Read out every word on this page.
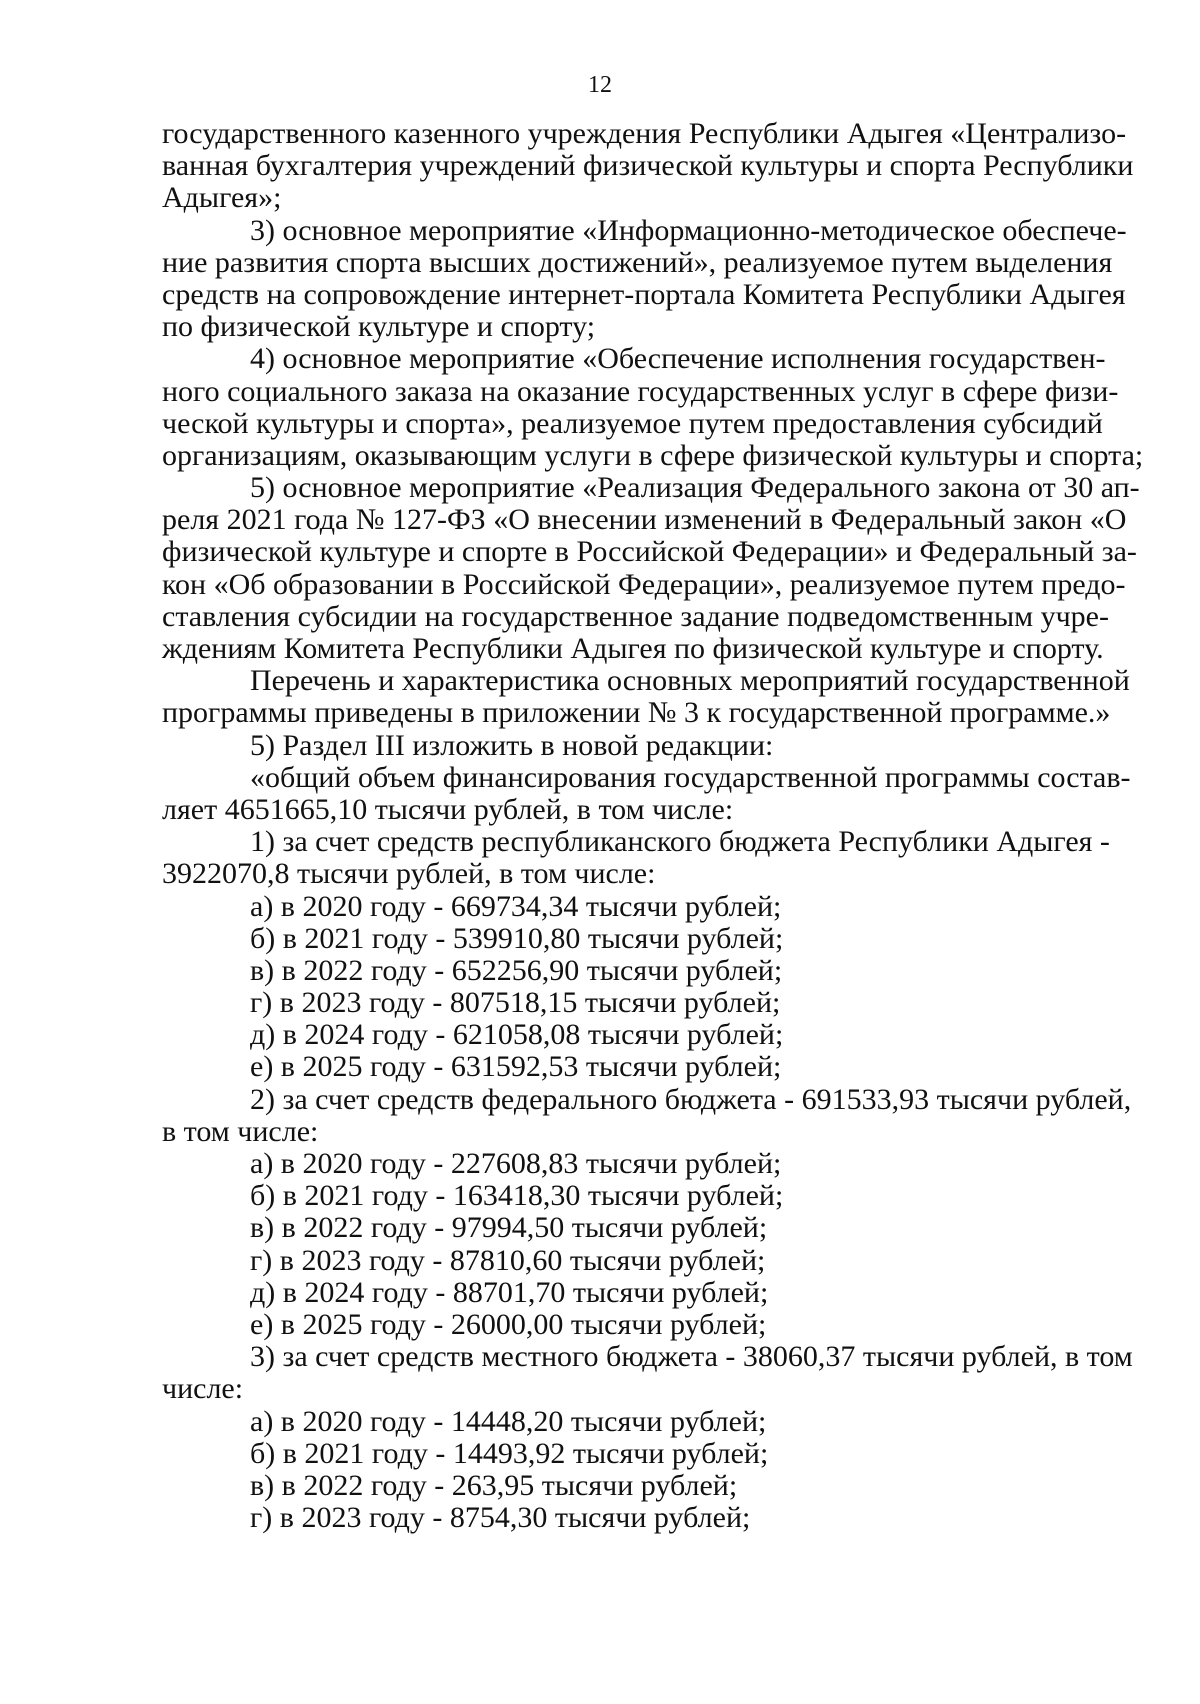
12
государственного казенного учреждения Республики Адыгея «Централизо-
ванная бухгалтерия учреждений физической культуры и спорта Республики
Адыгея»;
3) основное мероприятие «Информационно-методическое обеспече-
ние развития спорта высших достижений», реализуемое путем выделения
средств на сопровождение интернет-портала Комитета Республики Адыгея
по физической культуре и спорту;
4) основное мероприятие «Обеспечение исполнения государствен-
ного социального заказа на оказание государственных услуг в сфере физи-
ческой культуры и спорта», реализуемое путем предоставления субсидий
организациям, оказывающим услуги в сфере физической культуры и спорта;
5) основное мероприятие «Реализация Федерального закона от 30 ап-
реля 2021 года № 127-ФЗ «О внесении изменений в Федеральный закон «О
физической культуре и спорте в Российской Федерации» и Федеральный за-
кон «Об образовании в Российской Федерации», реализуемое путем предо-
ставления субсидии на государственное задание подведомственным учре-
ждениям Комитета Республики Адыгея по физической культуре и спорту.
Перечень и характеристика основных мероприятий государственной
программы приведены в приложении № 3 к государственной программе.»
5) Раздел III изложить в новой редакции:
«общий объем финансирования государственной программы состав-
ляет 4651665,10 тысячи рублей, в том числе:
1) за счет средств республиканского бюджета Республики Адыгея -
3922070,8 тысячи рублей, в том числе:
а) в 2020 году - 669734,34 тысячи рублей;
б) в 2021 году - 539910,80 тысячи рублей;
в) в 2022 году - 652256,90 тысячи рублей;
г) в 2023 году - 807518,15 тысячи рублей;
д) в 2024 году - 621058,08 тысячи рублей;
е) в 2025 году - 631592,53 тысячи рублей;
2) за счет средств федерального бюджета - 691533,93 тысячи рублей,
в том числе:
а) в 2020 году - 227608,83 тысячи рублей;
б) в 2021 году - 163418,30 тысячи рублей;
в) в 2022 году - 97994,50 тысячи рублей;
г) в 2023 году - 87810,60 тысячи рублей;
д) в 2024 году - 88701,70 тысячи рублей;
е) в 2025 году - 26000,00 тысячи рублей;
3) за счет средств местного бюджета - 38060,37 тысячи рублей, в том
числе:
а) в 2020 году - 14448,20 тысячи рублей;
б) в 2021 году - 14493,92 тысячи рублей;
в) в 2022 году - 263,95 тысячи рублей;
г) в 2023 году - 8754,30 тысячи рублей;
